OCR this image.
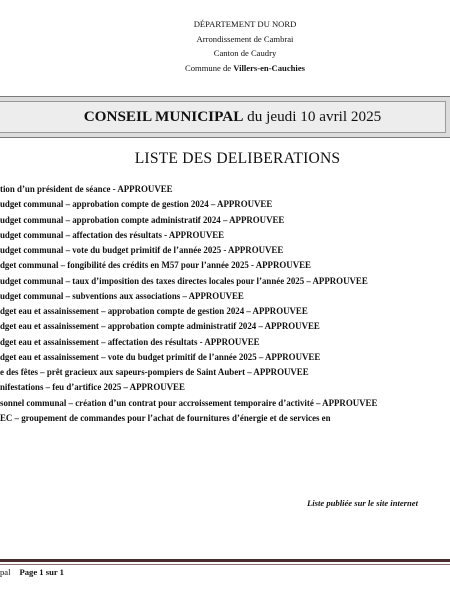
DÉPARTEMENT DU NORD
Arrondissement de Cambrai
Canton de Caudry
Commune de Villers-en-Cauchies
CONSEIL MUNICIPAL du jeudi 10 avril 2025
LISTE DES DELIBERATIONS
tion d’un président de séance - APPROUVEE
udget communal – approbation compte de gestion 2024 – APPROUVEE
udget communal – approbation compte administratif 2024 – APPROUVEE
udget communal – affectation des résultats - APPROUVEE
udget communal – vote du budget primitif de l’année 2025 - APPROUVEE
dget communal – fongibilité des crédits en M57 pour l’année 2025 - APPROUVEE
udget communal – taux d’imposition des taxes directes locales pour l’année 2025 – APPROUVEE
udget communal – subventions aux associations – APPROUVEE
dget eau et assainissement – approbation compte de gestion 2024 – APPROUVEE
dget eau et assainissement – approbation compte administratif 2024 – APPROUVEE
dget eau et assainissement – affectation des résultats - APPROUVEE
dget eau et assainissement – vote du budget primitif de l’année 2025 – APPROUVEE
e des fêtes – prêt gracieux aux sapeurs-pompiers de Saint Aubert – APPROUVEE
nifestations – feu d’artifice 2025 – APPROUVEE
sonnel communal – création d’un contrat pour accroissement temporaire d’activité – APPROUVEE
EC – groupement de commandes pour l’achat de fournitures d’énergie et de services en
Liste publiée sur le site internet
pal Page 1 sur 1
